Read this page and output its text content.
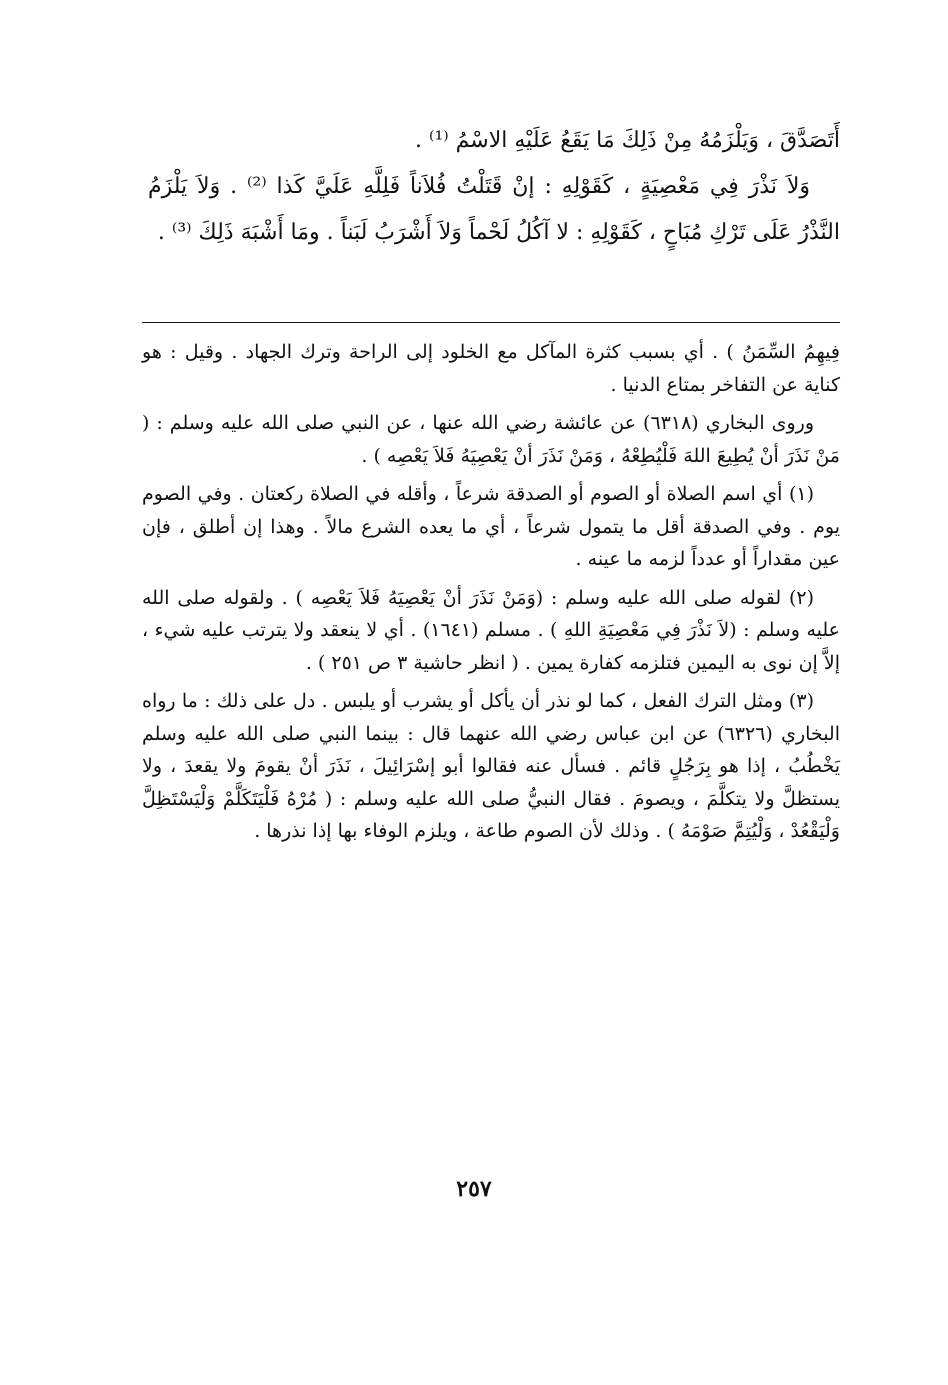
أَتَصَدَّقَ ، وَيَلْزَمُهُ مِنْ ذَلِكَ مَا يَقَعُ عَلَيْهِ الاسْمُ ⁽¹⁾ .

وَلاَ نَذْرَ فِي مَعْصِيَةٍ ، كَقَوْلِهِ : إنْ قَتَلْتُ فُلاَناً فَلِلَّهِ عَلَيَّ كَذا ⁽²⁾ . وَلاَ يَلْزَمُ النَّذْرُ عَلَى تَرْكِ مُبَاحٍ ، كَقَوْلِهِ : لا آكُلُ لَحْماً وَلاَ أَشْرَبُ لَبَناً . ومَا أَشْبَهَ ذَلِكَ ⁽³⁾ .

فِيهِمُ السِّمَنُ ) . أي بسبب كثرة المآكل مع الخلود إلى الراحة وترك الجهاد . وقيل : هو كناية عن التفاخر بمتاع الدنيا .

وروى البخاري (٦٣١٨) عن عائشة رضي الله عنها ، عن النبي صلى الله عليه وسلم : ( مَنْ نَذَرَ أنْ يُطِيعَ اللهَ فَلْيُطِعْهُ ، وَمَنْ نَذَرَ أنْ يَعْصِيَهُ فَلاَ يَعْصِه ) .

(١) أي اسم الصلاة أو الصوم أو الصدقة شرعاً ، وأقله في الصلاة ركعتان . وفي الصوم يوم . وفي الصدقة أقل ما يتمول شرعاً ، أي ما يعده الشرع مالاً . وهذا إن أطلق ، فإن عين مقداراً أو عدداً لزمه ما عينه .

(٢) لقوله صلى الله عليه وسلم : (وَمَنْ نَذَرَ أنْ يَعْصِيَهُ فَلاَ يَعْصِه ) . ولقوله صلى الله عليه وسلم : (لاَ نَذْرَ فِي مَعْصِيَةِ اللهِ ) . مسلم (١٦٤١) . أي لا ينعقد ولا يترتب عليه شيء ، إلاَّ إن نوى به اليمين فتلزمه كفارة يمين . ( انظر حاشية ٣ ص ٢٥١ ) .

(٣) ومثل الترك الفعل ، كما لو نذر أن يأكل أو يشرب أو يلبس . دل على ذلك : ما رواه البخاري (٦٣٢٦) عن ابن عباس رضي الله عنهما قال : بينما النبي صلى الله عليه وسلم يَخْطُبُ ، إذا هو بِرَجُلٍ قائم . فسأل عنه فقالوا أبو إسْرَائِيلَ ، نَذَرَ أنْ يقومَ ولا يقعدَ ، ولا يستظلَّ ولا يتكلَّمَ ، ويصومَ . فقال النبيُّ صلى الله عليه وسلم : ( مُرْهُ فَلْيَتَكَلَّمْ وَلْيَسْتَظِلَّ وَلْيَقْعُدْ ، وَلْيُتِمَّ صَوْمَهُ ) . وذلك لأن الصوم طاعة ، ويلزم الوفاء بها إذا نذرها .

٢٥٧
